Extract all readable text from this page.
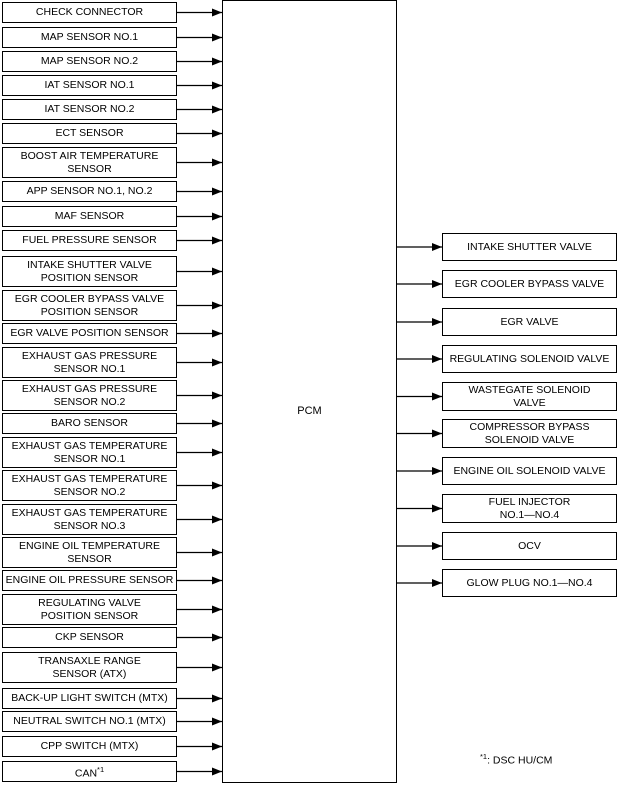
CHECK CONNECTOR
MAP SENSOR NO.1
MAP SENSOR NO.2
IAT SENSOR NO.1
IAT SENSOR NO.2
ECT SENSOR
BOOST AIR TEMPERATURE
SENSOR
APP SENSOR NO.1, NO.2
MAF SENSOR
FUEL PRESSURE SENSOR
INTAKE SHUTTER VALVE
POSITION SENSOR
EGR COOLER BYPASS VALVE
POSITION SENSOR
EGR VALVE POSITION SENSOR
EXHAUST GAS PRESSURE
SENSOR NO.1
EXHAUST GAS PRESSURE
SENSOR NO.2
BARO SENSOR
EXHAUST GAS TEMPERATURE
SENSOR NO.1
EXHAUST GAS TEMPERATURE
SENSOR NO.2
EXHAUST GAS TEMPERATURE
SENSOR NO.3
ENGINE OIL TEMPERATURE
SENSOR
ENGINE OIL PRESSURE SENSOR
REGULATING VALVE
POSITION SENSOR
CKP SENSOR
TRANSAXLE RANGE
SENSOR (ATX)
BACK-UP LIGHT SWITCH (MTX)
NEUTRAL SWITCH NO.1 (MTX)
CPP SWITCH (MTX)
CAN$^{*1}$
PCM
INTAKE SHUTTER VALVE
EGR COOLER BYPASS VALVE
EGR VALVE
REGULATING SOLENOID VALVE
WASTEGATE SOLENOID
VALVE
COMPRESSOR BYPASS
SOLENOID VALVE
ENGINE OIL SOLENOID VALVE
FUEL INJECTOR
NO.1—NO.4
OCV
GLOW PLUG NO.1—NO.4
$^{*1}$: DSC HU/CM
